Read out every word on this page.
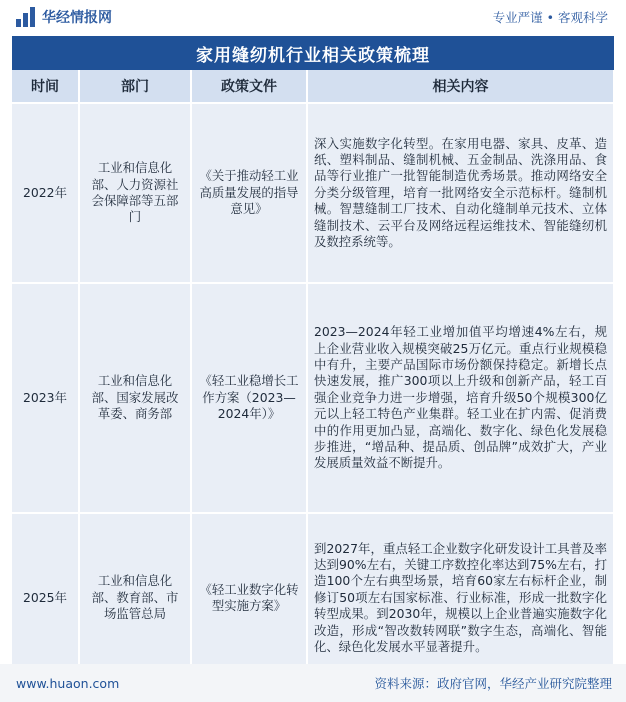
华经情报网	专业严谨 • 客观科学
家用缝纫机行业相关政策梳理
时间	部门	政策文件	相关内容
2022年	工业和信息化部、人力资源社会保障部等五部门	《关于推动轻工业高质量发展的指导意见》	深入实施数字化转型。在家用电器、家具、皮革、造纸、塑料制品、缝制机械、五金制品、洗涤用品、食品等行业推广一批智能制造优秀场景。推动网络安全分类分级管理，培育一批网络安全示范标杆。缝制机械。智慧缝制工厂技术、自动化缝制单元技术、立体缝制技术、云平台及网络远程运维技术、智能缝纫机及数控系统等。
2023年	工业和信息化部、国家发展改革委、商务部	《轻工业稳增长工作方案（2023—2024年）》	2023—2024年轻工业增加值平均增速4%左右，规上企业营业收入规模突破25万亿元。重点行业规模稳中有升，主要产品国际市场份额保持稳定。新增长点快速发展，推广300项以上升级和创新产品，轻工百强企业竞争力进一步增强，培育升级50个规模300亿元以上轻工特色产业集群。轻工业在扩内需、促消费中的作用更加凸显，高端化、数字化、绿色化发展稳步推进，“增品种、提品质、创品牌”成效扩大，产业发展质量效益不断提升。
2025年	工业和信息化部、教育部、市场监管总局	《轻工业数字化转型实施方案》	到2027年，重点轻工企业数字化研发设计工具普及率达到90%左右，关键工序数控化率达到75%左右，打造100个左右典型场景，培育60家左右标杆企业，制修订50项左右国家标准、行业标准，形成一批数字化转型成果。到2030年，规模以上企业普遍实施数字化改造，形成“智改数转网联”数字生态，高端化、智能化、绿色化发展水平显著提升。
www.huaon.com	资料来源：政府官网，华经产业研究院整理
